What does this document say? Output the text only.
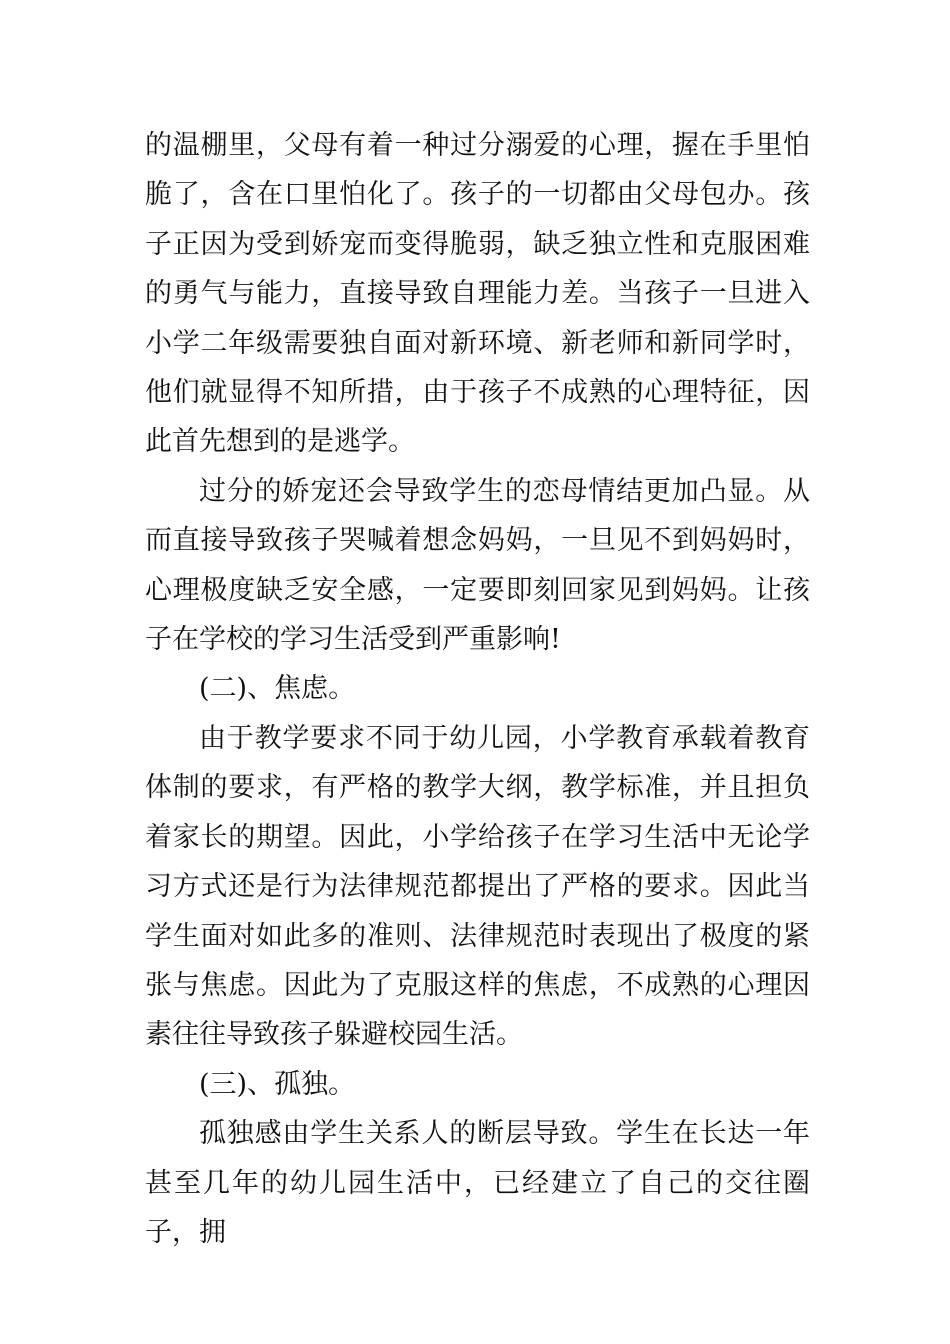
的温棚里，父母有着一种过分溺爱的心理，握在手里怕脆了，含在口里怕化了。孩子的一切都由父母包办。孩子正因为受到娇宠而变得脆弱，缺乏独立性和克服困难的勇气与能力，直接导致自理能力差。当孩子一旦进入小学二年级需要独自面对新环境、新老师和新同学时，他们就显得不知所措，由于孩子不成熟的心理特征，因此首先想到的是逃学。

过分的娇宠还会导致学生的恋母情结更加凸显。从而直接导致孩子哭喊着想念妈妈，一旦见不到妈妈时，心理极度缺乏安全感，一定要即刻回家见到妈妈。让孩子在学校的学习生活受到严重影响!

(二)、焦虑。

由于教学要求不同于幼儿园，小学教育承载着教育体制的要求，有严格的教学大纲，教学标准，并且担负着家长的期望。因此，小学给孩子在学习生活中无论学习方式还是行为法律规范都提出了严格的要求。因此当学生面对如此多的准则、法律规范时表现出了极度的紧张与焦虑。因此为了克服这样的焦虑，不成熟的心理因素往往导致孩子躲避校园生活。

(三)、孤独。

孤独感由学生关系人的断层导致。学生在长达一年甚至几年的幼儿园生活中，已经建立了自己的交往圈子，拥
